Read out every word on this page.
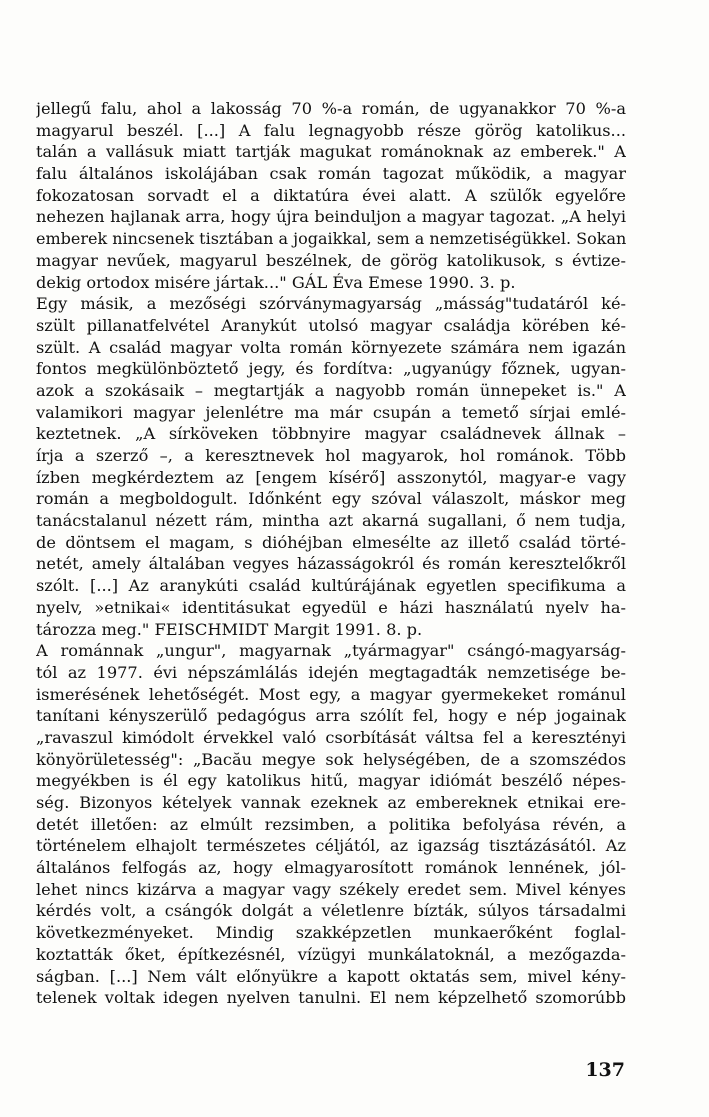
jellegű falu, ahol a lakosság 70 %-a román, de ugyanakkor 70 %-a
magyarul beszél. [...] A falu legnagyobb része görög katolikus...
talán a vallásuk miatt tartják magukat románoknak az emberek." A
falu általános iskolájában csak román tagozat működik, a magyar
fokozatosan sorvadt el a diktatúra évei alatt. A szülők egyelőre
nehezen hajlanak arra, hogy újra beinduljon a magyar tagozat. „A helyi
emberek nincsenek tisztában a jogaikkal, sem a nemzetiségükkel. Sokan
magyar nevűek, magyarul beszélnek, de görög katolikusok, s évtize-
dekig ortodox misére jártak..." GÁL Éva Emese 1990. 3. p.
Egy másik, a mezőségi szórványmagyarság „másság"tudatáról ké-
szült pillanatfelvétel Aranykút utolsó magyar családja körében ké-
szült. A család magyar volta román környezete számára nem igazán
fontos megkülönböztető jegy, és fordítva: „ugyanúgy főznek, ugyan-
azok a szokásaik – megtartják a nagyobb román ünnepeket is." A
valamikori magyar jelenlétre ma már csupán a temető sírjai emlé-
keztetnek. „A sírköveken többnyire magyar családnevek állnak –
írja a szerző –, a keresztnevek hol magyarok, hol románok. Több
ízben megkérdeztem az [engem kísérő] asszonytól, magyar-e vagy
román a megboldogult. Időnként egy szóval válaszolt, máskor meg
tanácstalanul nézett rám, mintha azt akarná sugallani, ő nem tudja,
de döntsem el magam, s dióhéjban elmesélte az illető család törté-
netét, amely általában vegyes házasságokról és román keresztelőkről
szólt. [...] Az aranykúti család kultúrájának egyetlen specifikuma a
nyelv, »etnikai« identitásukat egyedül e házi használatú nyelv ha-
tározza meg." FEISCHMIDT Margit 1991. 8. p.
A románnak „ungur", magyarnak „tyármagyar" csángó-magyarság-
tól az 1977. évi népszámlálás idején megtagadták nemzetisége be-
ismerésének lehetőségét. Most egy, a magyar gyermekeket románul
tanítani kényszerülő pedagógus arra szólít fel, hogy e nép jogainak
„ravaszul kimódolt érvekkel való csorbítását váltsa fel a keresztényi
könyörületesség": „Bacău megye sok helységében, de a szomszédos
megyékben is él egy katolikus hitű, magyar idiómát beszélő népes-
ség. Bizonyos kételyek vannak ezeknek az embereknek etnikai ere-
detét illetően: az elmúlt rezsimben, a politika befolyása révén, a
történelem elhajolt természetes céljától, az igazság tisztázásától. Az
általános felfogás az, hogy elmagyarosított románok lennének, jól-
lehet nincs kizárva a magyar vagy székely eredet sem. Mivel kényes
kérdés volt, a csángók dolgát a véletlenre bízták, súlyos társadalmi
következményeket. Mindig szakképzetlen munkaerőként foglal-
koztatták őket, építkezésnél, vízügyi munkálatoknál, a mezőgazda-
ságban. [...] Nem vált előnyükre a kapott oktatás sem, mivel kény-
telenek voltak idegen nyelven tanulni. El nem képzelhető szomorúbb
137
